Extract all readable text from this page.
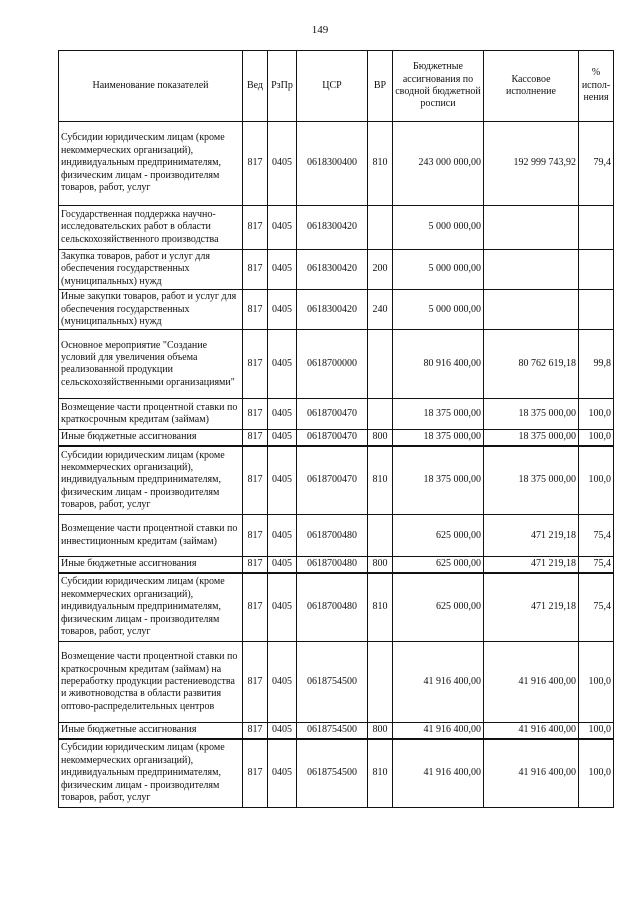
149
Наименование показателей	Вед	РзПр	ЦСР	ВР	Бюджетные ассигнования по сводной бюджетной росписи	Кассовое исполнение	% испол-нения
Субсидии юридическим лицам (кроме некоммерческих организаций), индивидуальным предпринимателям, физическим лицам - производителям товаров, работ, услуг	817	0405	0618300400	810	243 000 000,00	192 999 743,92	79,4
Государственная поддержка научно-исследовательских работ в области сельскохозяйственного производства	817	0405	0618300420		5 000 000,00		
Закупка товаров, работ и услуг для обеспечения государственных (муниципальных) нужд	817	0405	0618300420	200	5 000 000,00		
Иные закупки товаров, работ и услуг для обеспечения государственных (муниципальных) нужд	817	0405	0618300420	240	5 000 000,00		
Основное мероприятие "Создание условий для увеличения объема реализованной продукции сельскохозяйственными организациями"	817	0405	0618700000		80 916 400,00	80 762 619,18	99,8
Возмещение части процентной ставки по краткосрочным кредитам (займам)	817	0405	0618700470		18 375 000,00	18 375 000,00	100,0
Иные бюджетные ассигнования	817	0405	0618700470	800	18 375 000,00	18 375 000,00	100,0
Субсидии юридическим лицам (кроме некоммерческих организаций), индивидуальным предпринимателям, физическим лицам - производителям товаров, работ, услуг	817	0405	0618700470	810	18 375 000,00	18 375 000,00	100,0
Возмещение части процентной ставки по инвестиционным кредитам (займам)	817	0405	0618700480		625 000,00	471 219,18	75,4
Иные бюджетные ассигнования	817	0405	0618700480	800	625 000,00	471 219,18	75,4
Субсидии юридическим лицам (кроме некоммерческих организаций), индивидуальным предпринимателям, физическим лицам - производителям товаров, работ, услуг	817	0405	0618700480	810	625 000,00	471 219,18	75,4
Возмещение части процентной ставки по краткосрочным кредитам (займам) на переработку продукции растениеводства и животноводства в области развития оптово-распределительных центров	817	0405	0618754500		41 916 400,00	41 916 400,00	100,0
Иные бюджетные ассигнования	817	0405	0618754500	800	41 916 400,00	41 916 400,00	100,0
Субсидии юридическим лицам (кроме некоммерческих организаций), индивидуальным предпринимателям, физическим лицам - производителям товаров, работ, услуг	817	0405	0618754500	810	41 916 400,00	41 916 400,00	100,0
